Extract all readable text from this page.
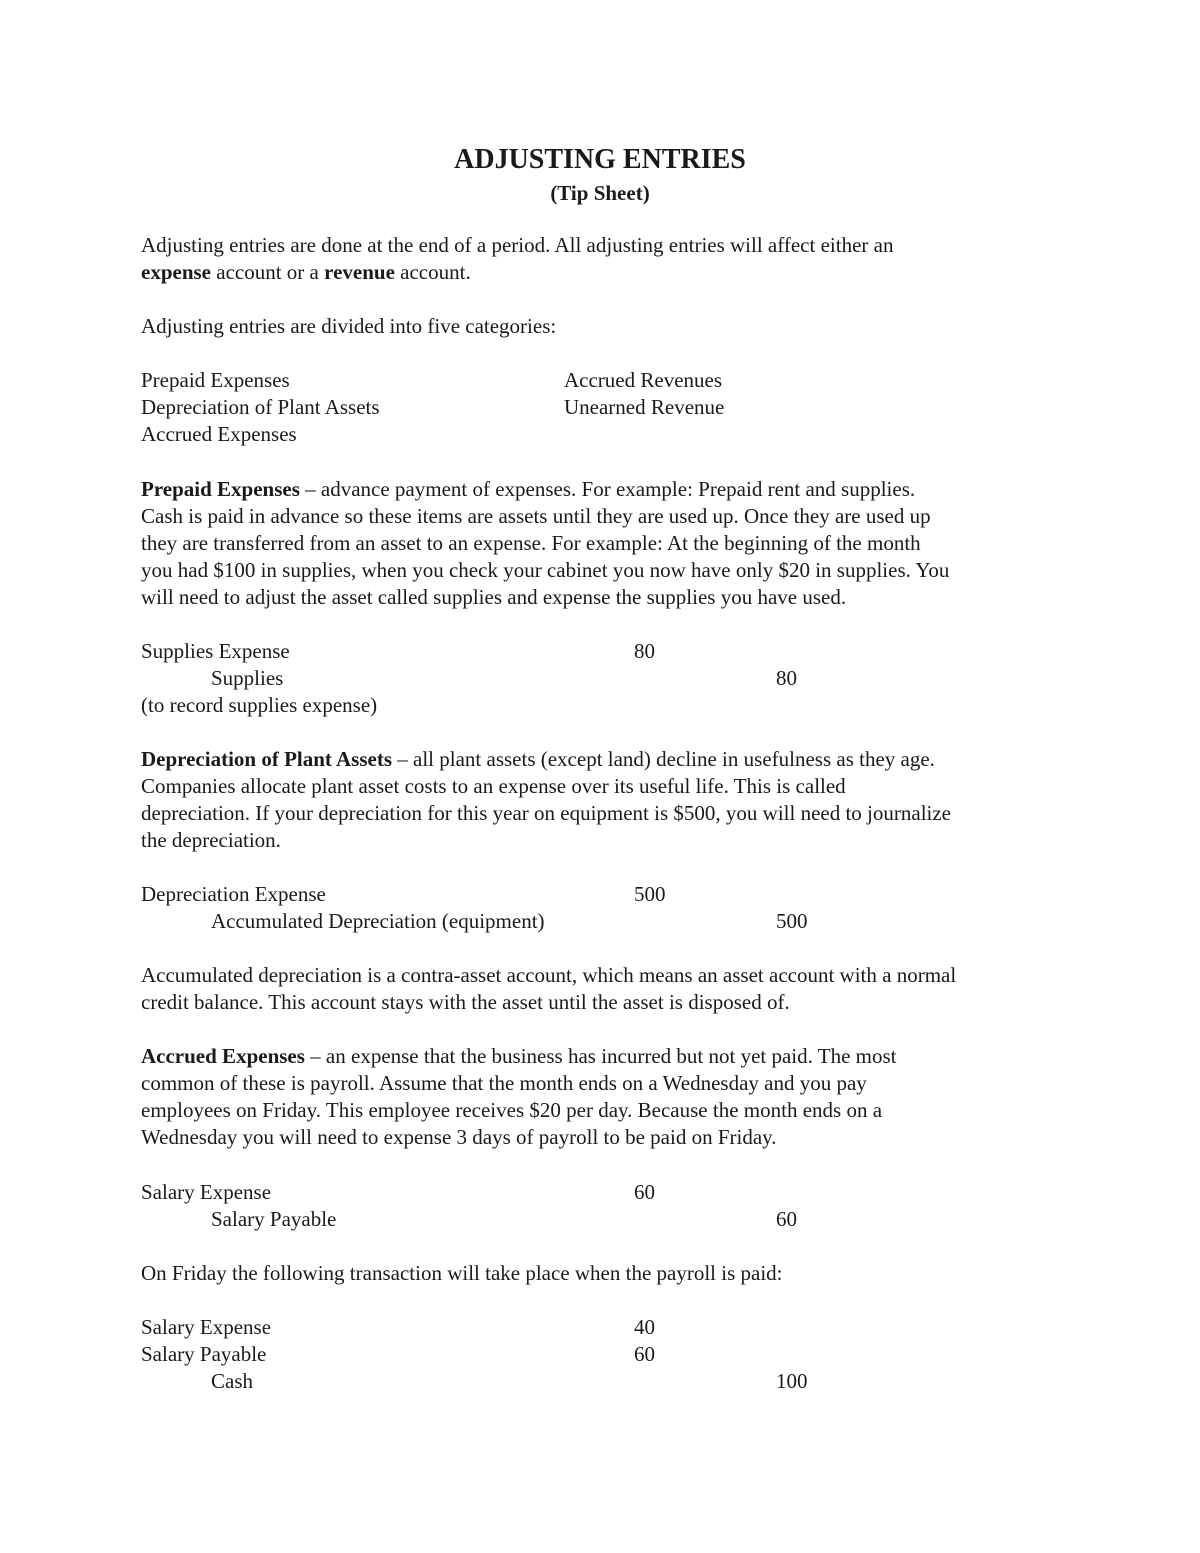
ADJUSTING ENTRIES
(Tip Sheet)
Adjusting entries are done at the end of a period. All adjusting entries will affect either an
expense account or a revenue account.
Adjusting entries are divided into five categories:
Prepaid Expenses
Depreciation of Plant Assets
Accrued Expenses
Accrued Revenues
Unearned Revenue
Prepaid Expenses – advance payment of expenses. For example: Prepaid rent and supplies.
Cash is paid in advance so these items are assets until they are used up. Once they are used up
they are transferred from an asset to an expense. For example: At the beginning of the month
you had $100 in supplies, when you check your cabinet you now have only $20 in supplies. You
will need to adjust the asset called supplies and expense the supplies you have used.
Supplies Expense	80
Supplies	80
(to record supplies expense)
Depreciation of Plant Assets – all plant assets (except land) decline in usefulness as they age.
Companies allocate plant asset costs to an expense over its useful life. This is called
depreciation. If your depreciation for this year on equipment is $500, you will need to journalize
the depreciation.
Depreciation Expense	500
Accumulated Depreciation (equipment)	500
Accumulated depreciation is a contra-asset account, which means an asset account with a normal
credit balance. This account stays with the asset until the asset is disposed of.
Accrued Expenses – an expense that the business has incurred but not yet paid. The most
common of these is payroll. Assume that the month ends on a Wednesday and you pay
employees on Friday. This employee receives $20 per day. Because the month ends on a
Wednesday you will need to expense 3 days of payroll to be paid on Friday.
Salary Expense	60
Salary Payable	60
On Friday the following transaction will take place when the payroll is paid:
Salary Expense	40
Salary Payable	60
Cash	100
